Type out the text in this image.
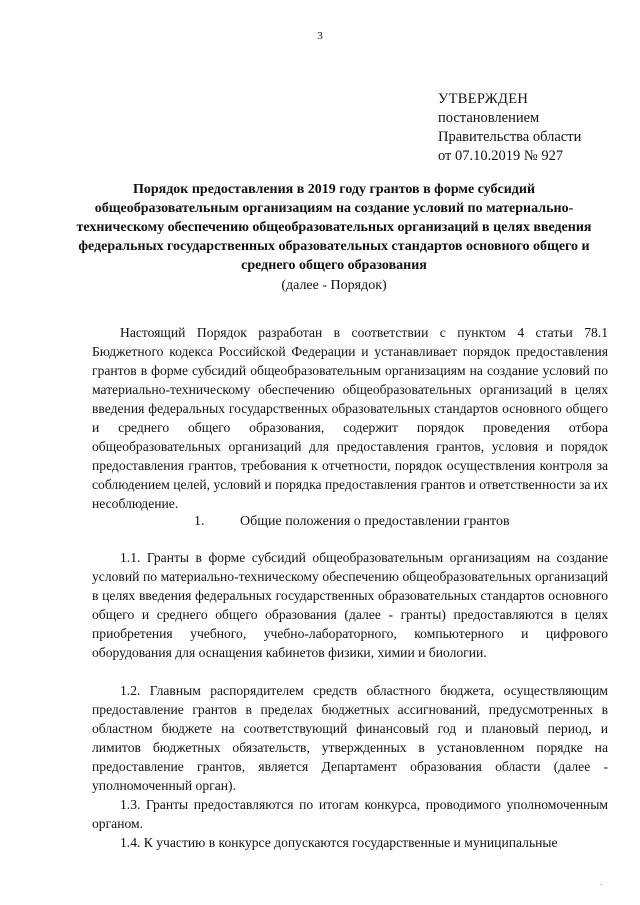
3
УТВЕРЖДЕН
постановлением
Правительства области
от 07.10.2019 № 927
Порядок предоставления в 2019 году грантов в форме субсидий общеобразовательным организациям на создание условий по материально-техническому обеспечению общеобразовательных организаций в целях введения федеральных государственных образовательных стандартов основного общего и среднего общего образования
(далее - Порядок)
Настоящий Порядок разработан в соответствии с пунктом 4 статьи 78.1 Бюджетного кодекса Российской Федерации и устанавливает порядок предоставления грантов в форме субсидий общеобразовательным организациям на создание условий по материально-техническому обеспечению общеобразовательных организаций в целях введения федеральных государственных образовательных стандартов основного общего и среднего общего образования, содержит порядок проведения отбора общеобразовательных организаций для предоставления грантов, условия и порядок предоставления грантов, требования к отчетности, порядок осуществления контроля за соблюдением целей, условий и порядка предоставления грантов и ответственности за их несоблюдение.
1.	Общие положения о предоставлении грантов
1.1. Гранты в форме субсидий общеобразовательным организациям на создание условий по материально-техническому обеспечению общеобразовательных организаций в целях введения федеральных государственных образовательных стандартов основного общего и среднего общего образования (далее - гранты) предоставляются в целях приобретения учебного, учебно-лабораторного, компьютерного и цифрового оборудования для оснащения кабинетов физики, химии и биологии.
1.2. Главным распорядителем средств областного бюджета, осуществляющим предоставление грантов в пределах бюджетных ассигнований, предусмотренных в областном бюджете на соответствующий финансовый год и плановый период, и лимитов бюджетных обязательств, утвержденных в установленном порядке на предоставление грантов, является Департамент образования области (далее - уполномоченный орган).
1.3. Гранты предоставляются по итогам конкурса, проводимого уполномоченным органом.
1.4. К участию в конкурсе допускаются государственные и муниципальные
.
